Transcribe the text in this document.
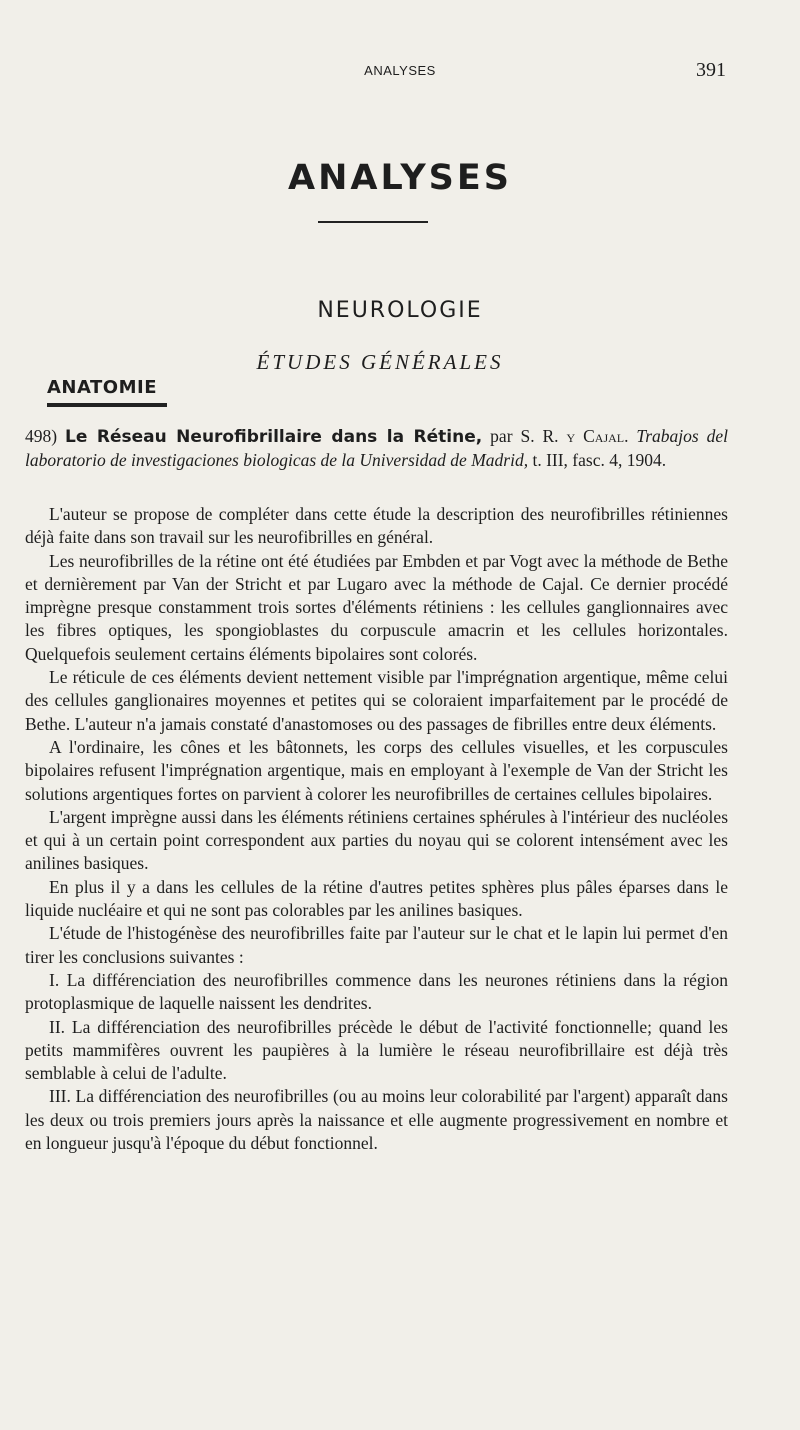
ANALYSES	391
ANALYSES
NEUROLOGIE
ÉTUDES GÉNÉRALES
ANATOMIE
498) Le Réseau Neurofibrillaire dans la Rétine, par S. R. y Cajal. Trabajos del laboratorio de investigaciones biologicas de la Universidad de Madrid, t. III, fasc. 4, 1904.

L'auteur se propose de compléter dans cette étude la description des neurofibrilles rétiniennes déjà faite dans son travail sur les neurofibrilles en général.

Les neurofibrilles de la rétine ont été étudiées par Embden et par Vogt avec la méthode de Bethe et dernièrement par Van der Stricht et par Lugaro avec la méthode de Cajal. Ce dernier procédé imprègne presque constamment trois sortes d'éléments rétiniens : les cellules ganglionnaires avec les fibres optiques, les spongioblastes du corpuscule amacrin et les cellules horizontales. Quelquefois seulement certains éléments bipolaires sont colorés.

Le réticule de ces éléments devient nettement visible par l'imprégnation argentique, même celui des cellules ganglionaires moyennes et petites qui se coloraient imparfaitement par le procédé de Bethe. L'auteur n'a jamais constaté d'anastomoses ou des passages de fibrilles entre deux éléments.

A l'ordinaire, les cônes et les bâtonnets, les corps des cellules visuelles, et les corpuscules bipolaires refusent l'imprégnation argentique, mais en employant à l'exemple de Van der Stricht les solutions argentiques fortes on parvient à colorer les neurofibrilles de certaines cellules bipolaires.

L'argent imprègne aussi dans les éléments rétiniens certaines sphérules à l'intérieur des nucléoles et qui à un certain point correspondent aux parties du noyau qui se colorent intensément avec les anilines basiques.

En plus il y a dans les cellules de la rétine d'autres petites sphères plus pâles éparses dans le liquide nucléaire et qui ne sont pas colorables par les anilines basiques.

L'étude de l'histogénèse des neurofibrilles faite par l'auteur sur le chat et le lapin lui permet d'en tirer les conclusions suivantes :

I. La différenciation des neurofibrilles commence dans les neurones rétiniens dans la région protoplasmique de laquelle naissent les dendrites.

II. La différenciation des neurofibrilles précède le début de l'activité fonctionnelle; quand les petits mammifères ouvrent les paupières à la lumière le réseau neurofibrillaire est déjà très semblable à celui de l'adulte.

III. La différenciation des neurofibrilles (ou au moins leur colorabilité par l'argent) apparaît dans les deux ou trois premiers jours après la naissance et elle augmente progressivement en nombre et en longueur jusqu'à l'époque du début fonctionnel.
